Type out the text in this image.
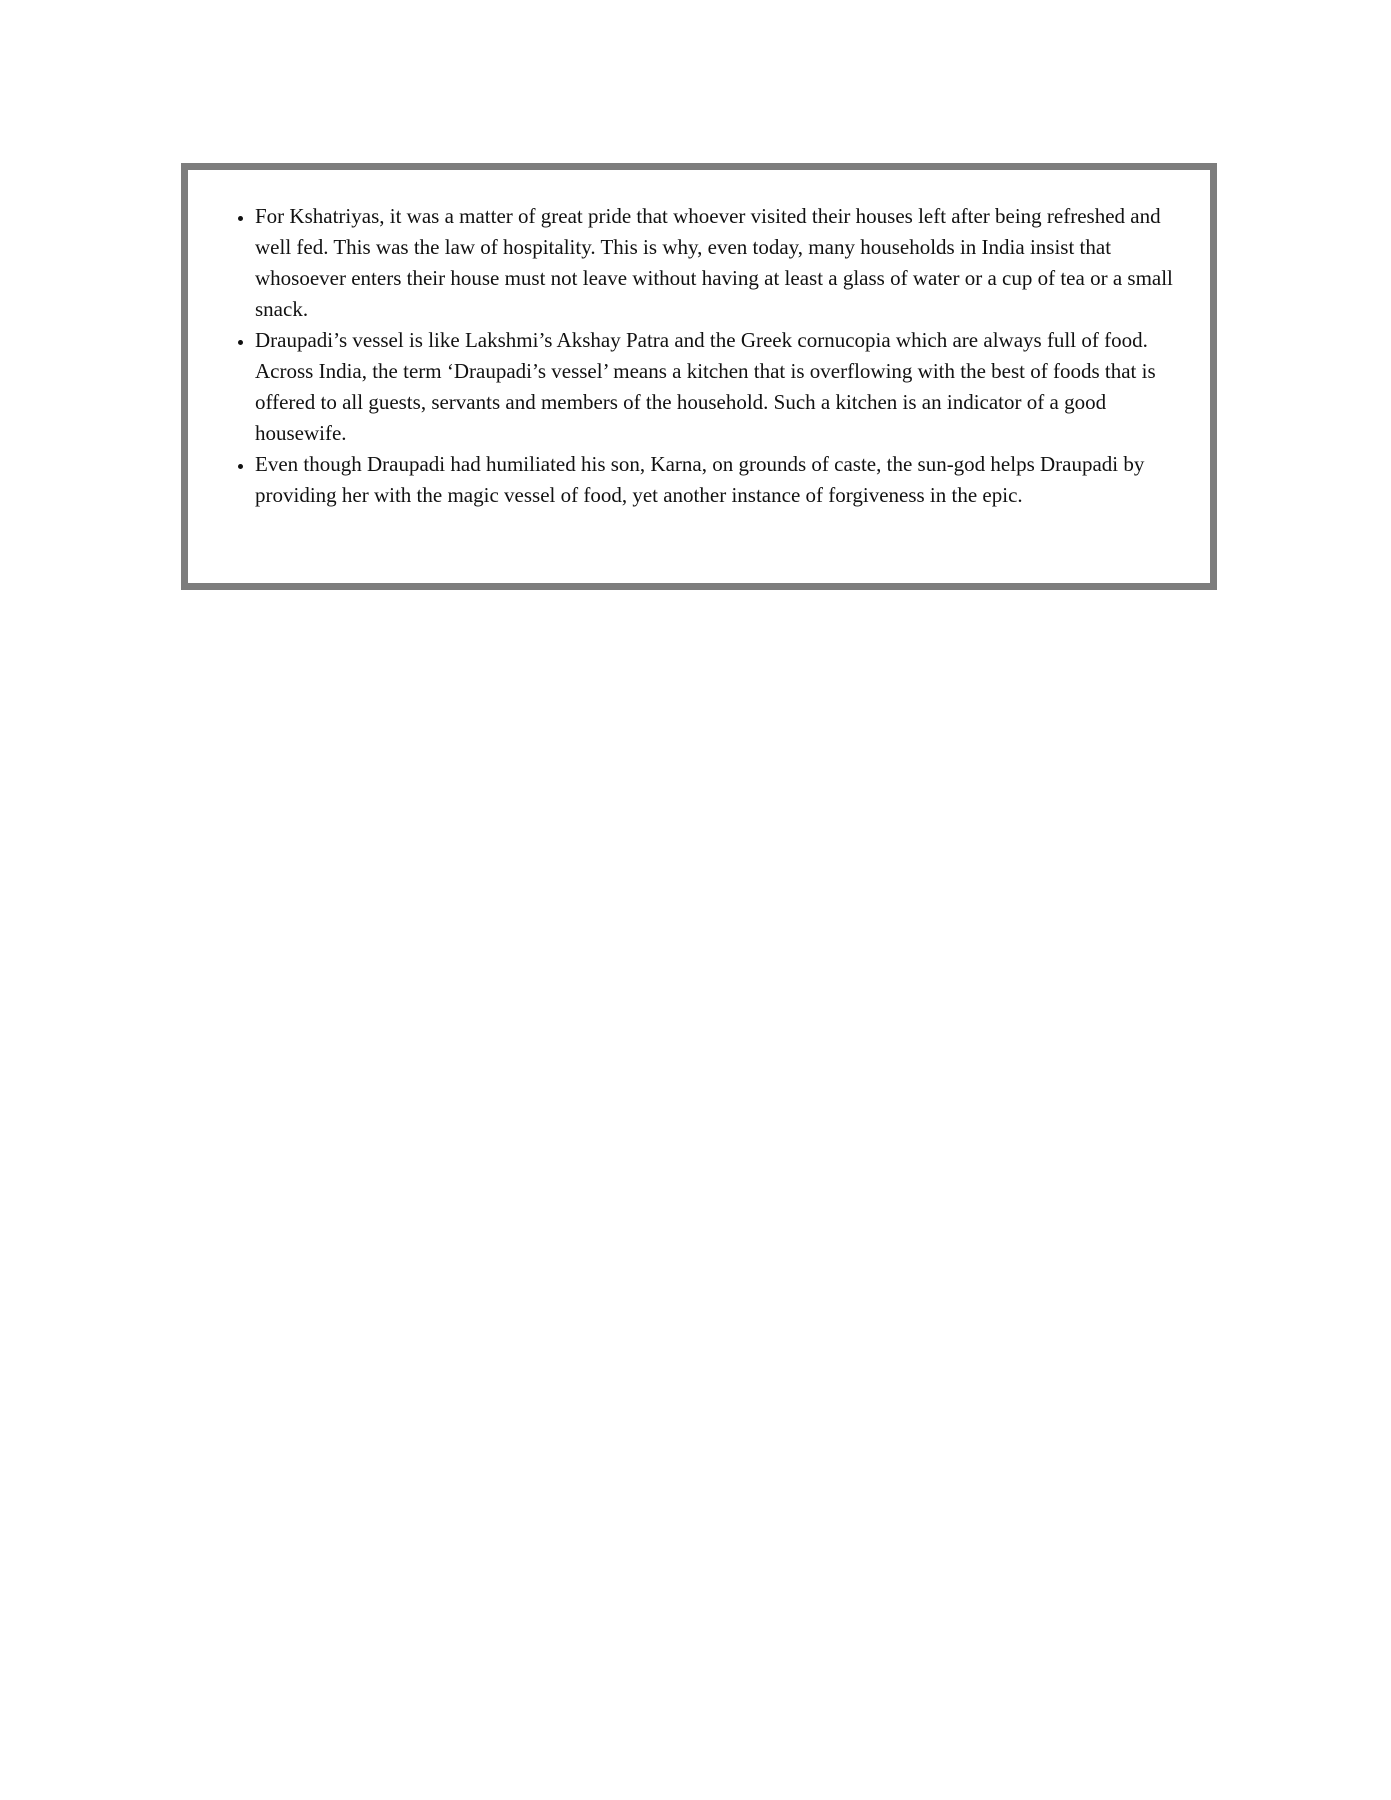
• For Kshatriyas, it was a matter of great pride that whoever visited their houses left after being refreshed and well fed. This was the law of hospitality. This is why, even today, many households in India insist that whosoever enters their house must not leave without having at least a glass of water or a cup of tea or a small snack.
• Draupadi’s vessel is like Lakshmi’s Akshay Patra and the Greek cornucopia which are always full of food. Across India, the term ‘Draupadi’s vessel’ means a kitchen that is overflowing with the best of foods that is offered to all guests, servants and members of the household. Such a kitchen is an indicator of a good housewife.
• Even though Draupadi had humiliated his son, Karna, on grounds of caste, the sun-god helps Draupadi by providing her with the magic vessel of food, yet another instance of forgiveness in the epic.
